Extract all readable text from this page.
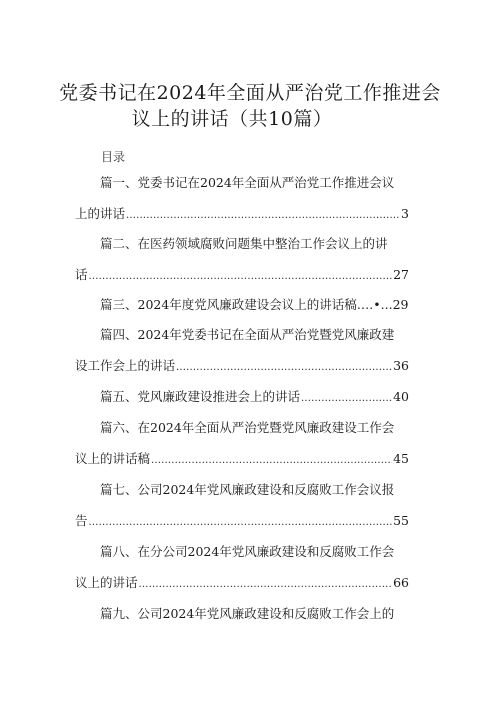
党委书记在2024年全面从严治党工作推进会
议上的讲话（共10篇）
目录
篇一、党委书记在2024年全面从严治党工作推进会议
上的讲话 .....	3
篇二、在医药领域腐败问题集中整治工作会议上的讲
话 .....	27
篇三、2024年度党风廉政建设会议上的讲话稿….• ... 29
篇四、2024年党委书记在全面从严治党暨党风廉政建
设工作会上的讲话 .....	36
篇五、党风廉政建设推进会上的讲话 .....	40
篇六、在2024年全面从严治党暨党风廉政建设工作会
议上的讲话稿 .....	45
篇七、公司2024年党风廉政建设和反腐败工作会议报
告 .....	55
篇八、在分公司2024年党风廉政建设和反腐败工作会
议上的讲话 .....	66
篇九、公司2024年党风廉政建设和反腐败工作会上的
